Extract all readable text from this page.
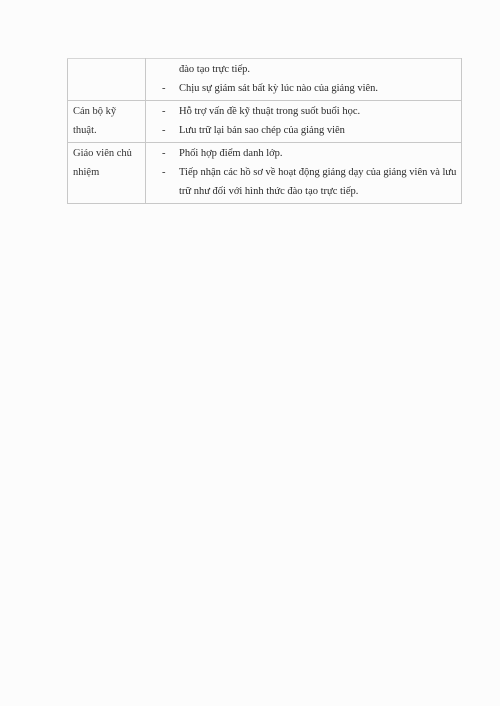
	đào tạo trực tiếp.
- Chịu sự giám sát bất kỳ lúc nào của giảng viên.

Cán bộ kỹ thuật.	- Hỗ trợ vấn đề kỹ thuật trong suốt buổi học.
- Lưu trữ lại bản sao chép của giảng viên

Giáo viên chủ nhiệm	- Phối hợp điểm danh lớp.
- Tiếp nhận các hồ sơ về hoạt động giảng dạy của giảng viên và lưu trữ như đối với hình thức đào tạo trực tiếp.
